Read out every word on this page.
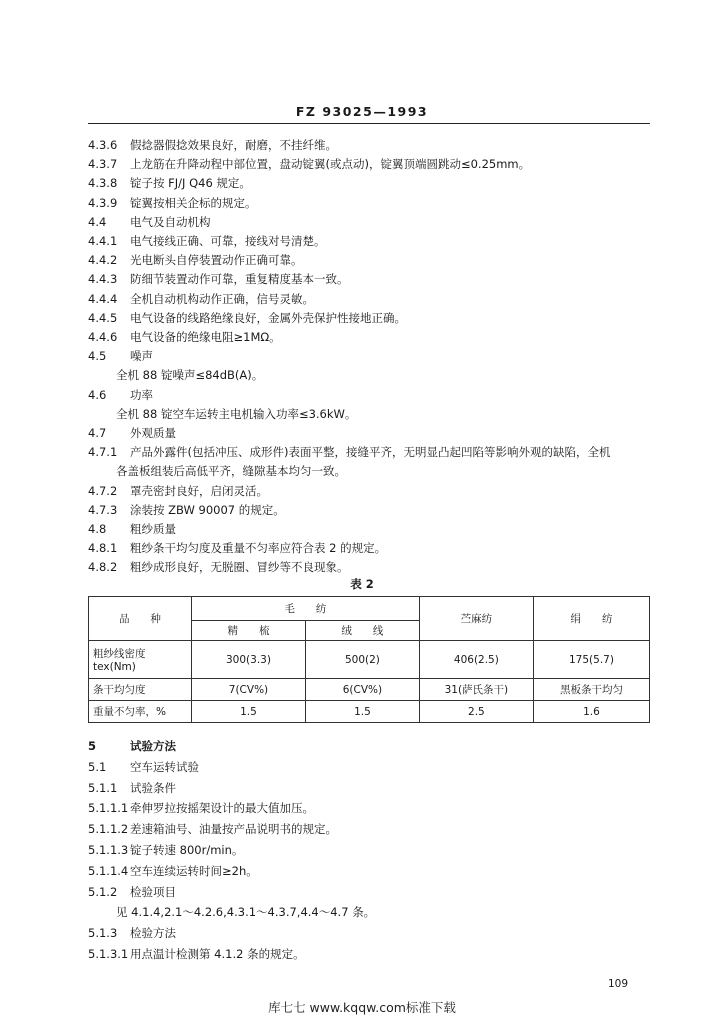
FZ 93025—1993
4.3.6 假捻器假捻效果良好，耐磨，不挂纤维。
4.3.7 上龙筋在升降动程中部位置，盘动锭翼(或点动)，锭翼顶端圆跳动≤0.25mm。
4.3.8 锭子按 FJ/J Q46 规定。
4.3.9 锭翼按相关企标的规定。
4.4 电气及自动机构
4.4.1 电气接线正确、可靠，接线对号清楚。
4.4.2 光电断头自停装置动作正确可靠。
4.4.3 防细节装置动作可靠，重复精度基本一致。
4.4.4 全机自动机构动作正确，信号灵敏。
4.4.5 电气设备的线路绝缘良好，金属外壳保护性接地正确。
4.4.6 电气设备的绝缘电阻≥1MΩ。
4.5 噪声
全机 88 锭噪声≤84dB(A)。
4.6 功率
全机 88 锭空车运转主电机输入功率≤3.6kW。
4.7 外观质量
4.7.1 产品外露件(包括冲压、成形件)表面平整，接缝平齐，无明显凸起凹陷等影响外观的缺陷，全机
各盖板组装后高低平齐，缝隙基本均匀一致。
4.7.2 罩壳密封良好，启闭灵活。
4.7.3 涂装按 ZBW 90007 的规定。
4.8 粗纱质量
4.8.1 粗纱条干均匀度及重量不匀率应符合表 2 的规定。
4.8.2 粗纱成形良好，无脱圈、冒纱等不良现象。
表 2
品　　种	毛　　纺		苎麻纺	绢　　纺
	精　　梳	绒　　线		

粗纱线密度
tex(Nm)	300(3.3)	500(2)	406(2.5)	175(5.7)
条干均匀度	7(CV%)	6(CV%)	31(萨氏条干)	黑板条干均匀
重量不匀率，%	1.5	1.5	2.5	1.6
5	试验方法
5.1 空车运转试验
5.1.1 试验条件
5.1.1.1 牵伸罗拉按摇架设计的最大值加压。
5.1.1.2 差速箱油号、油量按产品说明书的规定。
5.1.1.3 锭子转速 800r/min。
5.1.1.4 空车连续运转时间≥2h。
5.1.2 检验项目
见 4.1.4,2.1～4.2.6,4.3.1～4.3.7,4.4～4.7 条。
5.1.3 检验方法
5.1.3.1 用点温计检测第 4.1.2 条的规定。
109
库七七 www.kqqw.com标准下载
